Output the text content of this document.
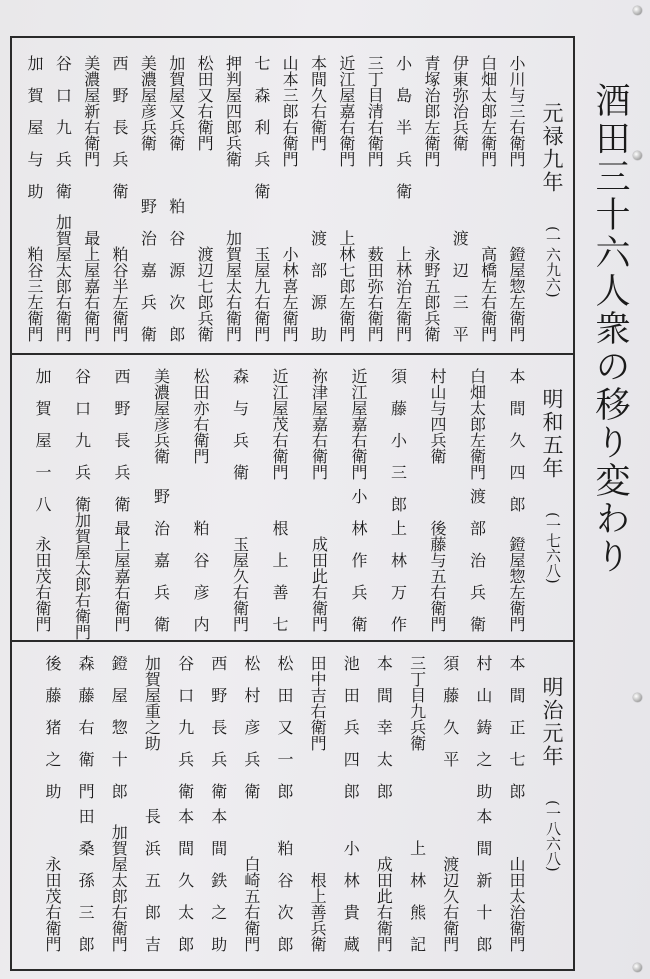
酒田三十六人衆の移り変わり
元禄九年
(一六九六)
小川与三右衛門
鐙屋惣左衛門
白畑太郎左衛門
高橋左右衛門
伊東弥治兵衛
渡　辺　三　平
青塚治郎左衛門
永野五郎兵衛
小　島　半　兵　衛
上林治左衛門
三丁目清右衛門
薮田弥右衛門
近江屋嘉右衛門
上林七郎左衛門
本間久右衛門
渡　部　源　助
山本三郎右衛門
小林喜左衛門
七　森　利　兵　衛
玉屋九右衛門
押判屋四郎兵衛
加賀屋太右衛門
松田又右衛門
渡辺七郎兵衛
加賀屋又兵衛
粕　谷　源　次　郎
美濃屋彦兵衛
野　治　嘉　兵　衛
西　野　長　兵　衛
粕谷半左衛門
美濃屋新右衛門
最上屋嘉右衛門
谷　口　九　兵　衛
加賀屋太郎右衛門
加　賀　屋　与　助
粕谷三左衛門
明和五年
(一七六八)
本　間　久　四　郎
鐙屋惣左衛門
白畑太郎左衛門
渡　部　治　兵　衛
村山与四兵衛
後藤与五右衛門
須　藤　小　三　郎
上　林　万　作
近江屋嘉右衛門
小　林　作　兵　衛
祢津屋嘉右衛門
成田此右衛門
近江屋茂右衛門
根　上　善　七
森　与　兵　衛
玉屋久右衛門
松田亦右衛門
粕　谷　彦　内
美濃屋彦兵衛
野　治　嘉　兵　衛
西　野　長　兵　衛
最上屋嘉右衛門
谷　口　九　兵　衛
加賀屋太郎右衛門
加　賀　屋　一　八
永田茂右衛門
明治元年
(一八六八)
本　間　正　七　郎
山田太治衛門
村　山　鋳　之　助
本　間　新　十　郎
須　藤　久　平
渡辺久右衛門
三丁目九兵衛
上　林　熊　記
本　間　幸　太　郎
成田此右衛門
池　田　兵　四　郎
小　林　貴　蔵
田中吉右衛門
根上善兵衛
松　田　又　一　郎
粕　谷　次　郎
松　村　彦　兵　衛
白崎五右衛門
西　野　長　兵　衛
本　間　鉄　之　助
谷　口　九　兵　衛
本　間　久　太　郎
加賀屋重之助
長　浜　五　郎　吉
鐙　屋　惣　十　郎
加賀屋太郎右衛門
森　藤　右　衛　門
田　桑　孫　三　郎
後　藤　猪　之　助
永田茂右衛門
